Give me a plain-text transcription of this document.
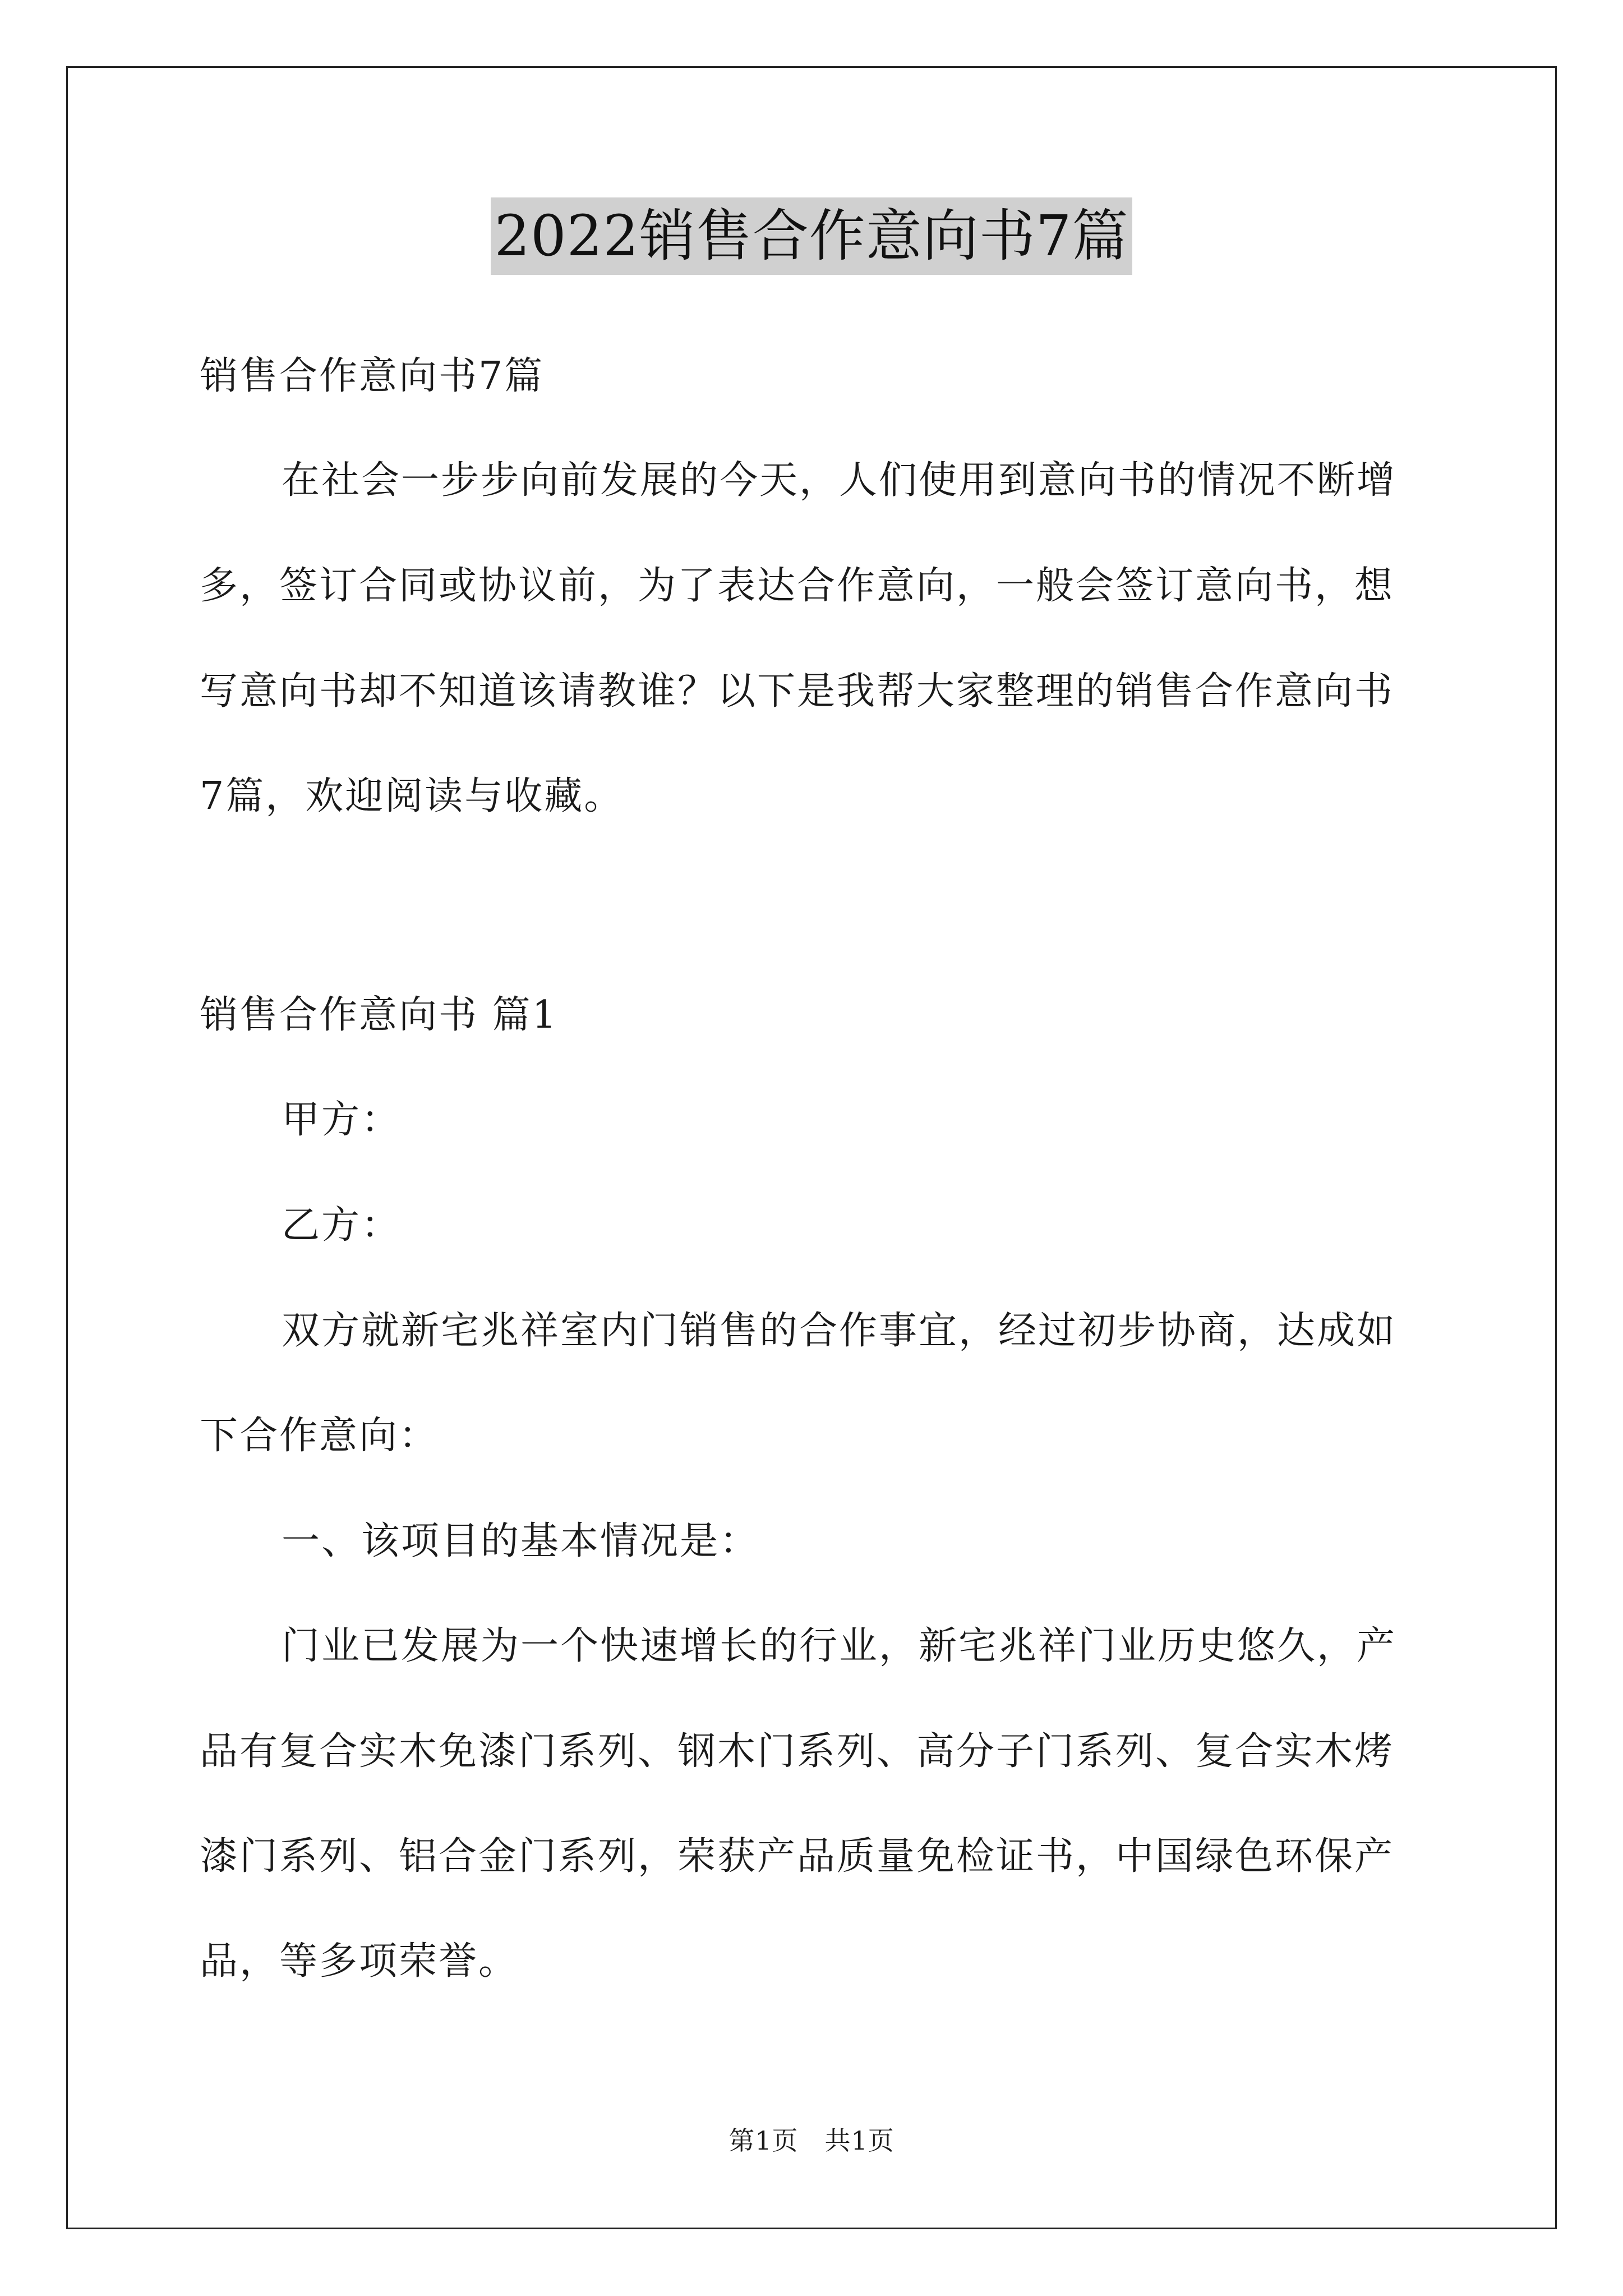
2022销售合作意向书7篇
销售合作意向书7篇
在社会一步步向前发展的今天，人们使用到意向书的情况不断增
多，签订合同或协议前，为了表达合作意向，一般会签订意向书，想
写意向书却不知道该请教谁？以下是我帮大家整理的销售合作意向书
7篇，欢迎阅读与收藏。
销售合作意向书 篇1
甲方：
乙方：
双方就新宅兆祥室内门销售的合作事宜，经过初步协商，达成如
下合作意向：
一、该项目的基本情况是：
门业已发展为一个快速增长的行业，新宅兆祥门业历史悠久，产
品有复合实木免漆门系列、钢木门系列、高分子门系列、复合实木烤
漆门系列、铝合金门系列，荣获产品质量免检证书，中国绿色环保产
品，等多项荣誉。
第1页　共1页
